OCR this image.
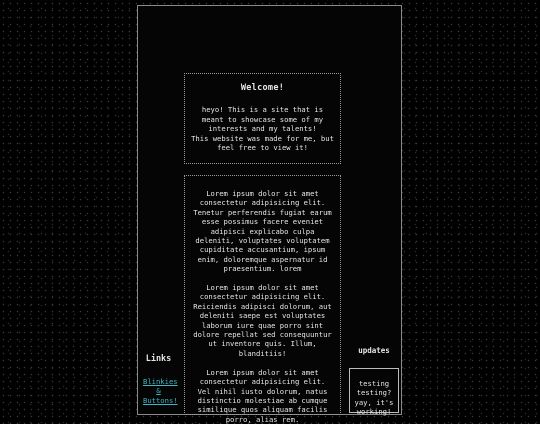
Welcome!

heyo! This is a site that is meant to showcase some of my interests and my talents!

This website was made for me, but feel free to view it!

Lorem ipsum dolor sit amet consectetur adipisicing elit. Tenetur perferendis fugiat earum esse possimus facere eveniet adipisci explicabo culpa deleniti, voluptates voluptatem cupiditate accusantium, ipsum enim, doloremque aspernatur id praesentium. lorem

Lorem ipsum dolor sit amet consectetur adipisicing elit. Reiciendis adipisci dolorum, aut deleniti saepe est voluptates laborum iure quae porro sint dolore repellat sed consequuntur ut inventore quis. Illum, blanditiis!

Lorem ipsum dolor sit amet consectetur adipisicing elit. Vel nihil iusto dolorum, natus distinctio molestiae ab cumque similique quos aliquam facilis porro, alias rem.

Links
Blinkies & Buttons!
updates
testing testing? yay, it's working!
